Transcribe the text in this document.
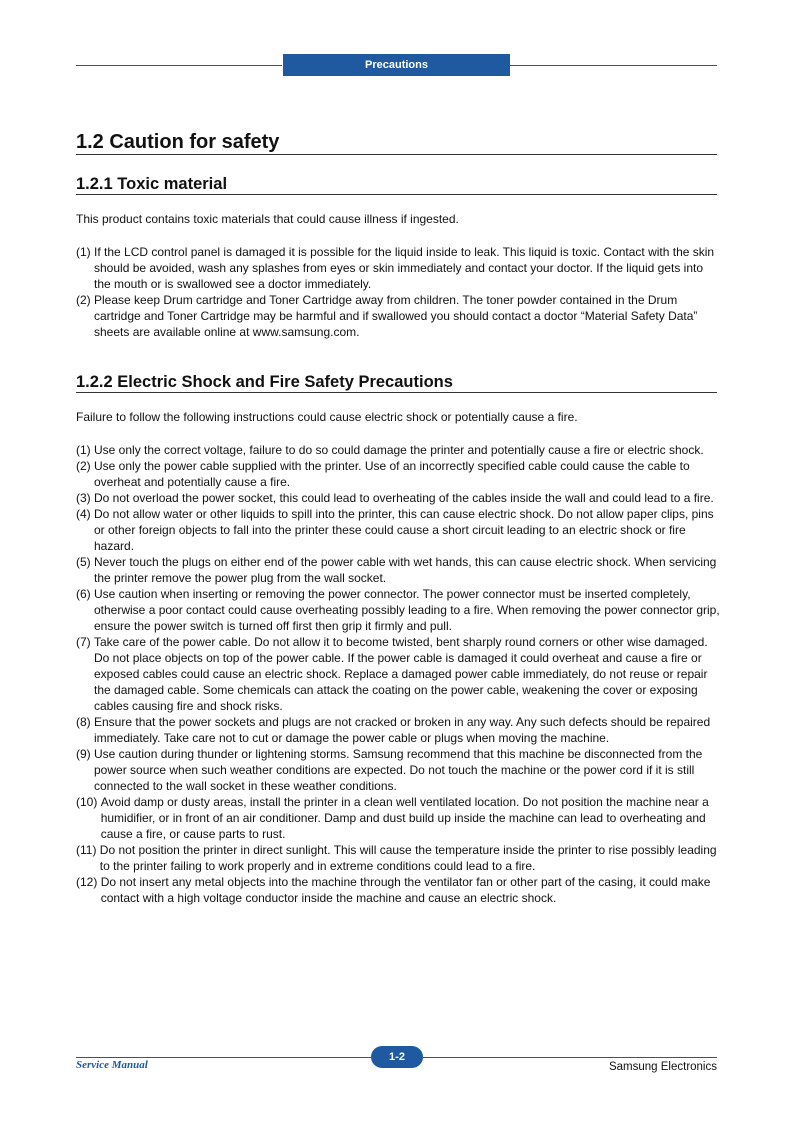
Precautions
1.2 Caution for safety
1.2.1 Toxic material
This product contains toxic materials that could cause illness if ingested.
(1) If the LCD control panel is damaged it is possible for the liquid inside to leak. This liquid is toxic. Contact with the skin should be avoided, wash any splashes from eyes or skin immediately and contact your doctor. If the liquid gets into the mouth or is swallowed see a doctor immediately.
(2) Please keep Drum cartridge and Toner Cartridge away from children. The toner powder contained in the Drum cartridge and Toner Cartridge may be harmful and if swallowed you should contact a doctor “Material Safety Data” sheets are available online at www.samsung.com.
1.2.2 Electric Shock and Fire Safety Precautions
Failure to follow the following instructions could cause electric shock or potentially cause a fire.
(1) Use only the correct voltage, failure to do so could damage the printer and potentially cause a fire or electric shock.
(2) Use only the power cable supplied with the printer. Use of an incorrectly specified cable could cause the cable to overheat and potentially cause a fire.
(3) Do not overload the power socket, this could lead to overheating of the cables inside the wall and could lead to a fire.
(4) Do not allow water or other liquids to spill into the printer, this can cause electric shock. Do not allow paper clips, pins or other foreign objects to fall into the printer these could cause a short circuit leading to an electric shock or fire hazard.
(5) Never touch the plugs on either end of the power cable with wet hands, this can cause electric shock. When servicing the printer remove the power plug from the wall socket.
(6) Use caution when inserting or removing the power connector. The power connector must be inserted completely, otherwise a poor contact could cause overheating possibly leading to a fire. When removing the power connector grip, ensure the power switch is turned off first then grip it firmly and pull.
(7) Take care of the power cable. Do not allow it to become twisted, bent sharply round corners or other wise damaged. Do not place objects on top of the power cable. If the power cable is damaged it could overheat and cause a fire or exposed cables could cause an electric shock. Replace a damaged power cable immediately, do not reuse or repair the damaged cable. Some chemicals can attack the coating on the power cable, weakening the cover or exposing cables causing fire and shock risks.
(8) Ensure that the power sockets and plugs are not cracked or broken in any way. Any such defects should be repaired immediately. Take care not to cut or damage the power cable or plugs when moving the machine.
(9) Use caution during thunder or lightening storms. Samsung recommend that this machine be disconnected from the power source when such weather conditions are expected. Do not touch the machine or the power cord if it is still connected to the wall socket in these weather conditions.
(10) Avoid damp or dusty areas, install the printer in a clean well ventilated location. Do not position the machine near a humidifier, or in front of an air conditioner. Damp and dust build up inside the machine can lead to overheating and cause a fire, or cause parts to rust.
(11) Do not position the printer in direct sunlight. This will cause the temperature inside the printer to rise possibly leading to the printer failing to work properly and in extreme conditions could lead to a fire.
(12) Do not insert any metal objects into the machine through the ventilator fan or other part of the casing, it could make contact with a high voltage conductor inside the machine and cause an electric shock.
1-2
Service Manual	Samsung Electronics
